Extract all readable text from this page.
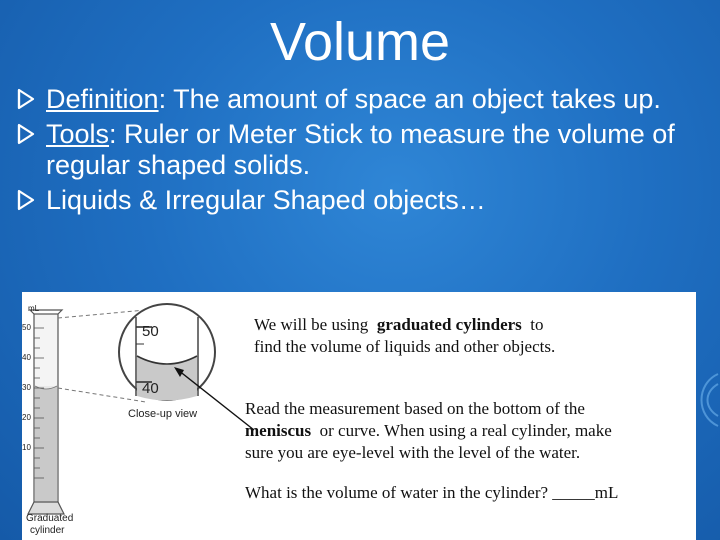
Volume
Definition: The amount of space an object takes up.
Tools: Ruler or Meter Stick to measure the volume of regular shaped solids.
Liquids & Irregular Shaped objects…
mL
50
40
30
20
10
50
40
Close-up view
Graduated
cylinder
We will be using graduated cylinders to
find the volume of liquids and other objects.
Read the measurement based on the bottom of the
meniscus or curve. When using a real cylinder, make
sure you are eye-level with the level of the water.
What is the volume of water in the cylinder? _____mL
